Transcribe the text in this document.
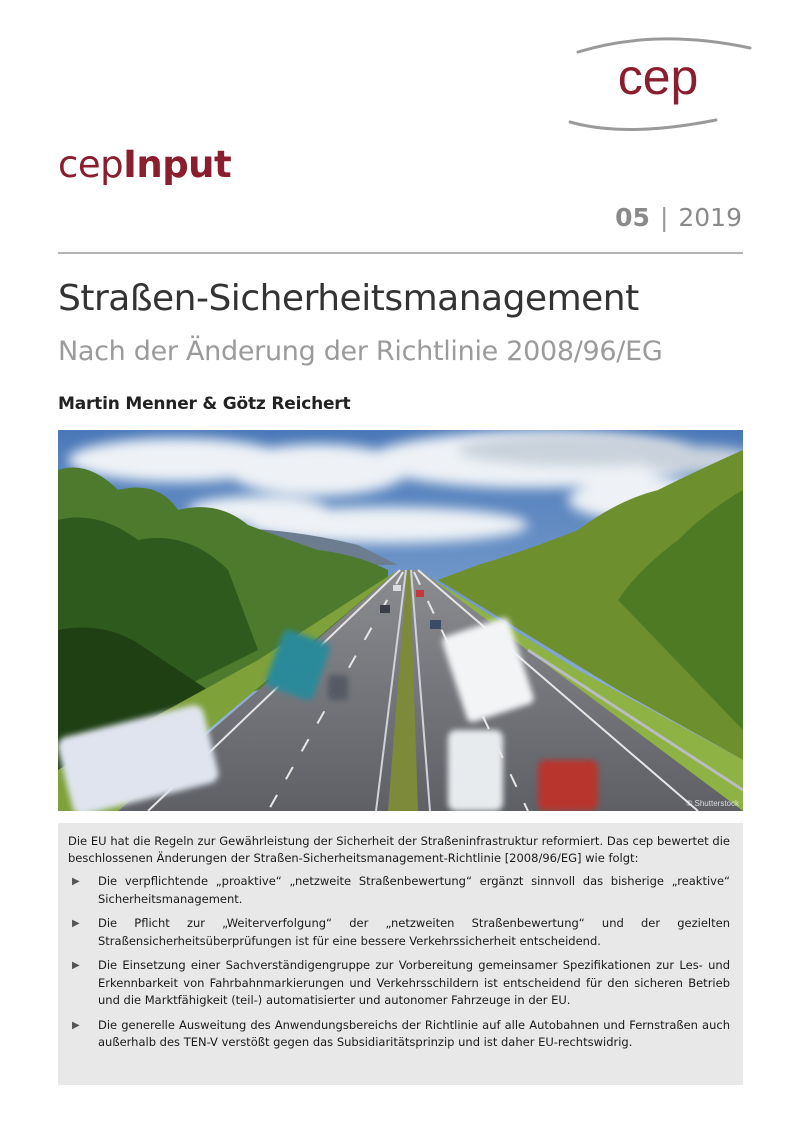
cep
cepInput
05 | 2019
Straßen-Sicherheitsmanagement
Nach der Änderung der Richtlinie 2008/96/EG
Martin Menner & Götz Reichert
© Shutterstock

Die EU hat die Regeln zur Gewährleistung der Sicherheit der Straßeninfrastruktur reformiert. Das cep bewertet die beschlossenen Änderungen der Straßen-Sicherheitsmanagement-Richtlinie [2008/96/EG] wie folgt:

▶ Die verpflichtende „proaktive“ „netzweite Straßenbewertung“ ergänzt sinnvoll das bisherige „reaktive“ Sicherheitsmanagement.
▶ Die Pflicht zur „Weiterverfolgung“ der „netzweiten Straßenbewertung“ und der gezielten Straßensicherheitsüberprüfungen ist für eine bessere Verkehrssicherheit entscheidend.
▶ Die Einsetzung einer Sachverständigengruppe zur Vorbereitung gemeinsamer Spezifikationen zur Les- und Erkennbarkeit von Fahrbahnmarkierungen und Verkehrsschildern ist entscheidend für den sicheren Betrieb und die Marktfähigkeit (teil-) automatisierter und autonomer Fahrzeuge in der EU.
▶ Die generelle Ausweitung des Anwendungsbereichs der Richtlinie auf alle Autobahnen und Fernstraßen auch außerhalb des TEN-V verstößt gegen das Subsidiaritätsprinzip und ist daher EU-rechtswidrig.
